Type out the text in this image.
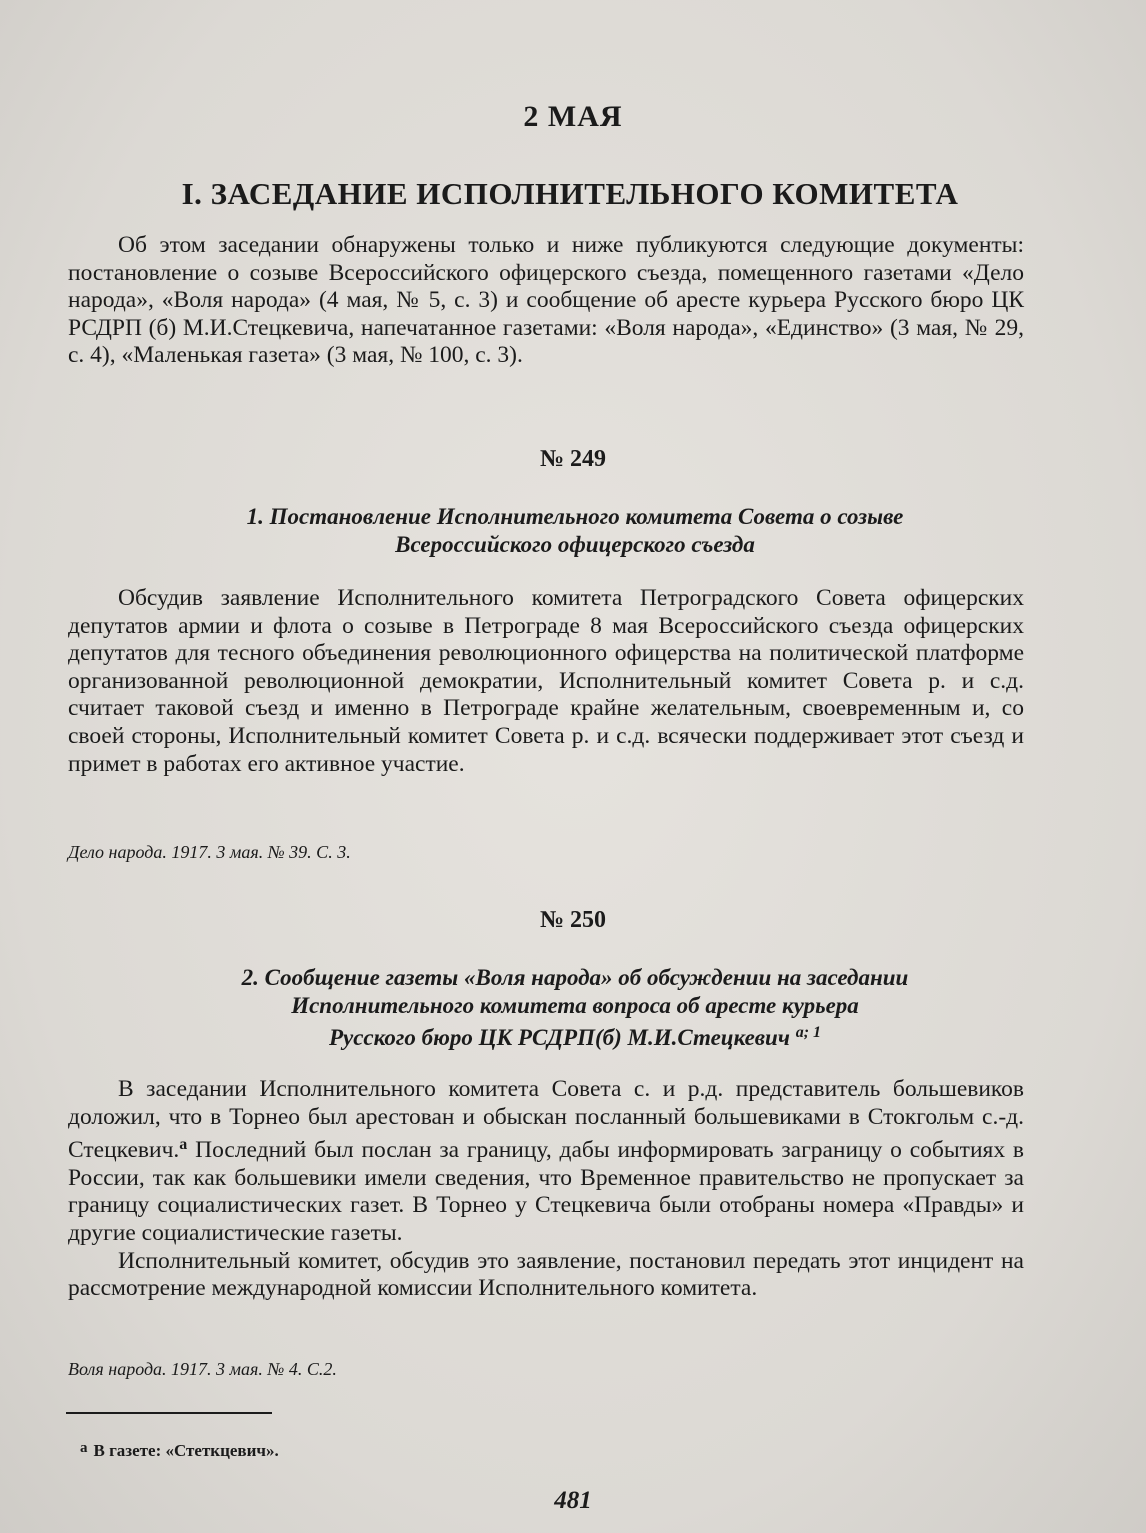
2 МАЯ
I. ЗАСЕДАНИЕ ИСПОЛНИТЕЛЬНОГО КОМИТЕТА
Об этом заседании обнаружены только и ниже публикуются следующие документы: постановление о созыве Всероссийского офицерского съезда, помещенного газетами «Дело народа», «Воля народа» (4 мая, № 5, с. 3) и сообщение об аресте курьера Русского бюро ЦК РСДРП (б) М.И.Стецкевича, напечатанное газетами: «Воля народа», «Единство» (3 мая, № 29, с. 4), «Маленькая газета» (3 мая, № 100, с. 3).
№ 249
1. Постановление Исполнительного комитета Совета о созыве
Всероссийского офицерского съезда

Обсудив заявление Исполнительного комитета Петроградского Совета офицерских депутатов армии и флота о созыве в Петрограде 8 мая Всероссийского съезда офицерских депутатов для тесного объединения революционного офицерства на политической платформе организованной революционной демократии, Исполнительный комитет Совета р. и с.д. считает таковой съезд и именно в Петрограде крайне желательным, своевременным и, со своей стороны, Исполнительный комитет Совета р. и с.д. всячески поддерживает этот съезд и примет в работах его активное участие.

Дело народа. 1917. 3 мая. № 39. С. 3.
№ 250
2. Сообщение газеты «Воля народа» об обсуждении на заседании
Исполнительного комитета вопроса об аресте курьера
Русского бюро ЦК РСДРП(б) М.И.Стецкевич $^{а; 1}$

В заседании Исполнительного комитета Совета с. и р.д. представитель большевиков доложил, что в Торнео был арестован и обыскан посланный большевиками в Стокгольм с.-д. Стецкевич.$^а$ Последний был послан за границу, дабы информировать заграницу о событиях в России, так как большевики имели сведения, что Временное правительство не пропускает за границу социалистических газет. В Торнео у Стецкевича были отобраны номера «Правды» и другие социалистические газеты.

Исполнительный комитет, обсудив это заявление, постановил передать этот инцидент на рассмотрение международной комиссии Исполнительного комитета.

Воля народа. 1917. 3 мая. № 4. С.2.
$^а$ В газете: «Стеткцевич».
481
